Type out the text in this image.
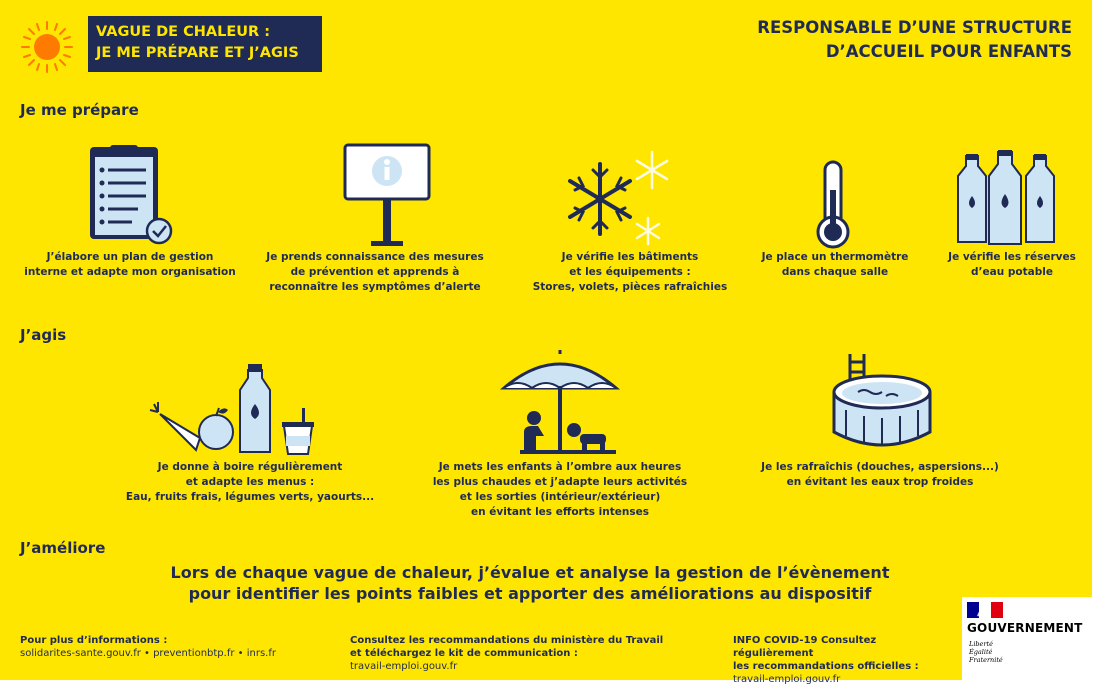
VAGUE DE CHALEUR :
JE ME PRÉPARE ET J’AGIS
RESPONSABLE D’UNE STRUCTURE
D’ACCUEIL POUR ENFANTS
Je me prépare
J’élabore un plan de gestion
interne et adapte mon organisation
Je prends connaissance des mesures
de prévention et apprends à
reconnaître les symptômes d’alerte
Je vérifie les bâtiments
et les équipements :
Stores, volets, pièces rafraîchies
Je place un thermomètre
dans chaque salle
Je vérifie les réserves
d’eau potable
J’agis
Je donne à boire régulièrement
et adapte les menus :
Eau, fruits frais, légumes verts, yaourts...
Je mets les enfants à l’ombre aux heures
les plus chaudes et j’adapte leurs activités
et les sorties (intérieur/extérieur)
en évitant les efforts intenses
Je les rafraîchis (douches, aspersions...)
en évitant les eaux trop froides
J’améliore
Lors de chaque vague de chaleur, j’évalue et analyse la gestion de l’évènement
pour identifier les points faibles et apporter des améliorations au dispositif
Pour plus d’informations :
solidarites-sante.gouv.fr • preventionbtp.fr • inrs.fr
Consultez les recommandations du ministère du Travail
et téléchargez le kit de communication :
travail-emploi.gouv.fr
INFO COVID-19 Consultez régulièrement
les recommandations officielles :
travail-emploi.gouv.fr
GOUVERNEMENT
Liberté
Égalité
Fraternité
